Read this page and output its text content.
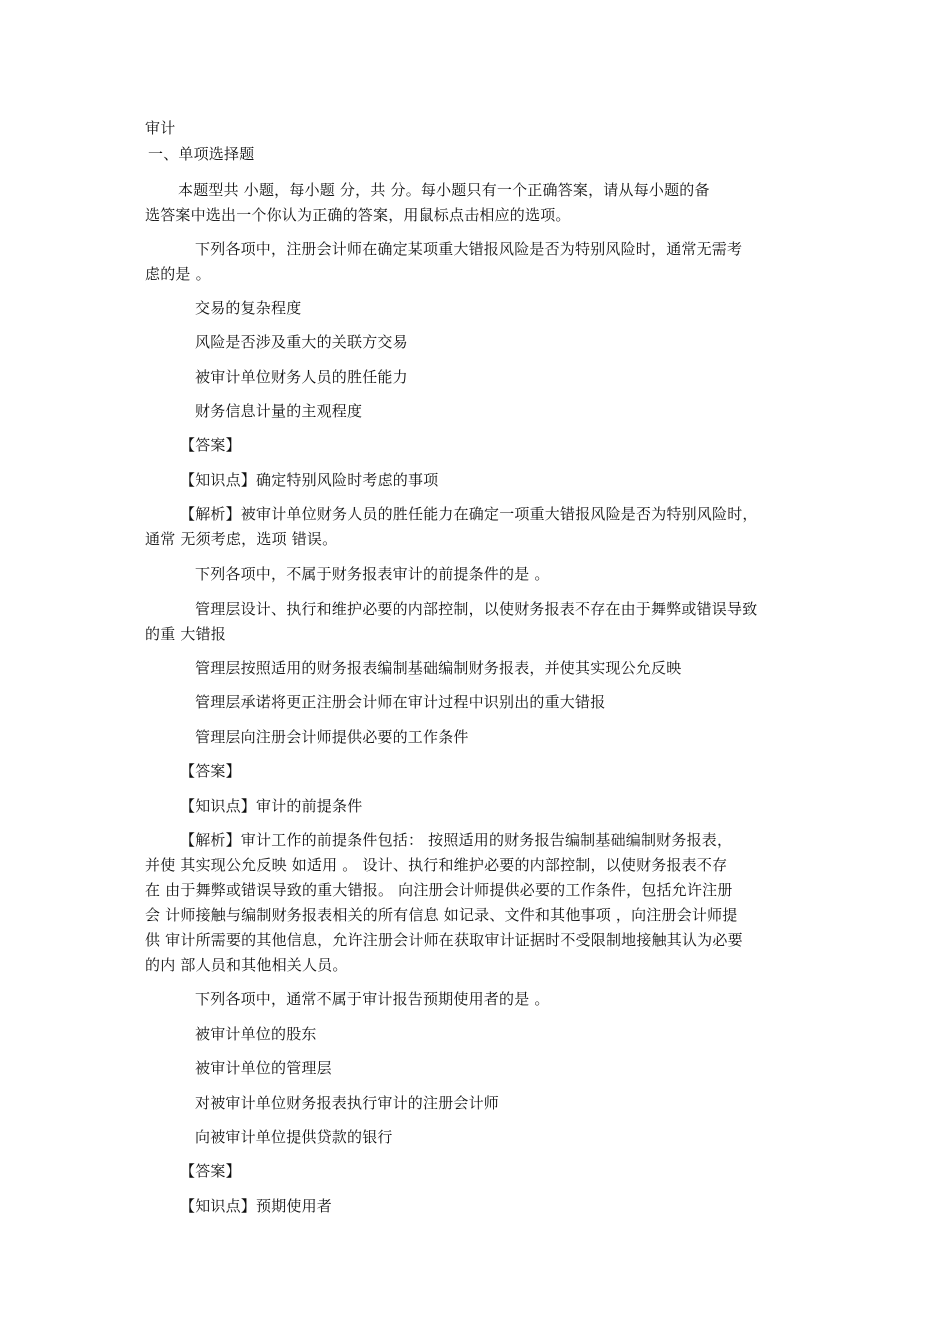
审计
一、单项选择题
本题型共 小题，每小题 分，共 分。每小题只有一个正确答案，请从每小题的备
选答案中选出一个你认为正确的答案，用鼠标点击相应的选项。
下列各项中，注册会计师在确定某项重大错报风险是否为特别风险时，通常无需考
虑的是 。
交易的复杂程度
风险是否涉及重大的关联方交易
被审计单位财务人员的胜任能力
财务信息计量的主观程度
【答案】
【知识点】确定特别风险时考虑的事项
【解析】被审计单位财务人员的胜任能力在确定一项重大错报风险是否为特别风险时，
通常 无须考虑，选项 错误。
下列各项中，不属于财务报表审计的前提条件的是 。
管理层设计、执行和维护必要的内部控制，以使财务报表不存在由于舞弊或错误导致
的重 大错报
管理层按照适用的财务报表编制基础编制财务报表，并使其实现公允反映
管理层承诺将更正注册会计师在审计过程中识别出的重大错报
管理层向注册会计师提供必要的工作条件
【答案】
【知识点】审计的前提条件
【解析】审计工作的前提条件包括： 按照适用的财务报告编制基础编制财务报表，
并使 其实现公允反映 如适用 。 设计、执行和维护必要的内部控制，以使财务报表不存
在 由于舞弊或错误导致的重大错报。 向注册会计师提供必要的工作条件，包括允许注册
会 计师接触与编制财务报表相关的所有信息 如记录、文件和其他事项 ，向注册会计师提
供 审计所需要的其他信息，允许注册会计师在获取审计证据时不受限制地接触其认为必要
的内 部人员和其他相关人员。
下列各项中，通常不属于审计报告预期使用者的是 。
被审计单位的股东
被审计单位的管理层
对被审计单位财务报表执行审计的注册会计师
向被审计单位提供贷款的银行
【答案】
【知识点】预期使用者
